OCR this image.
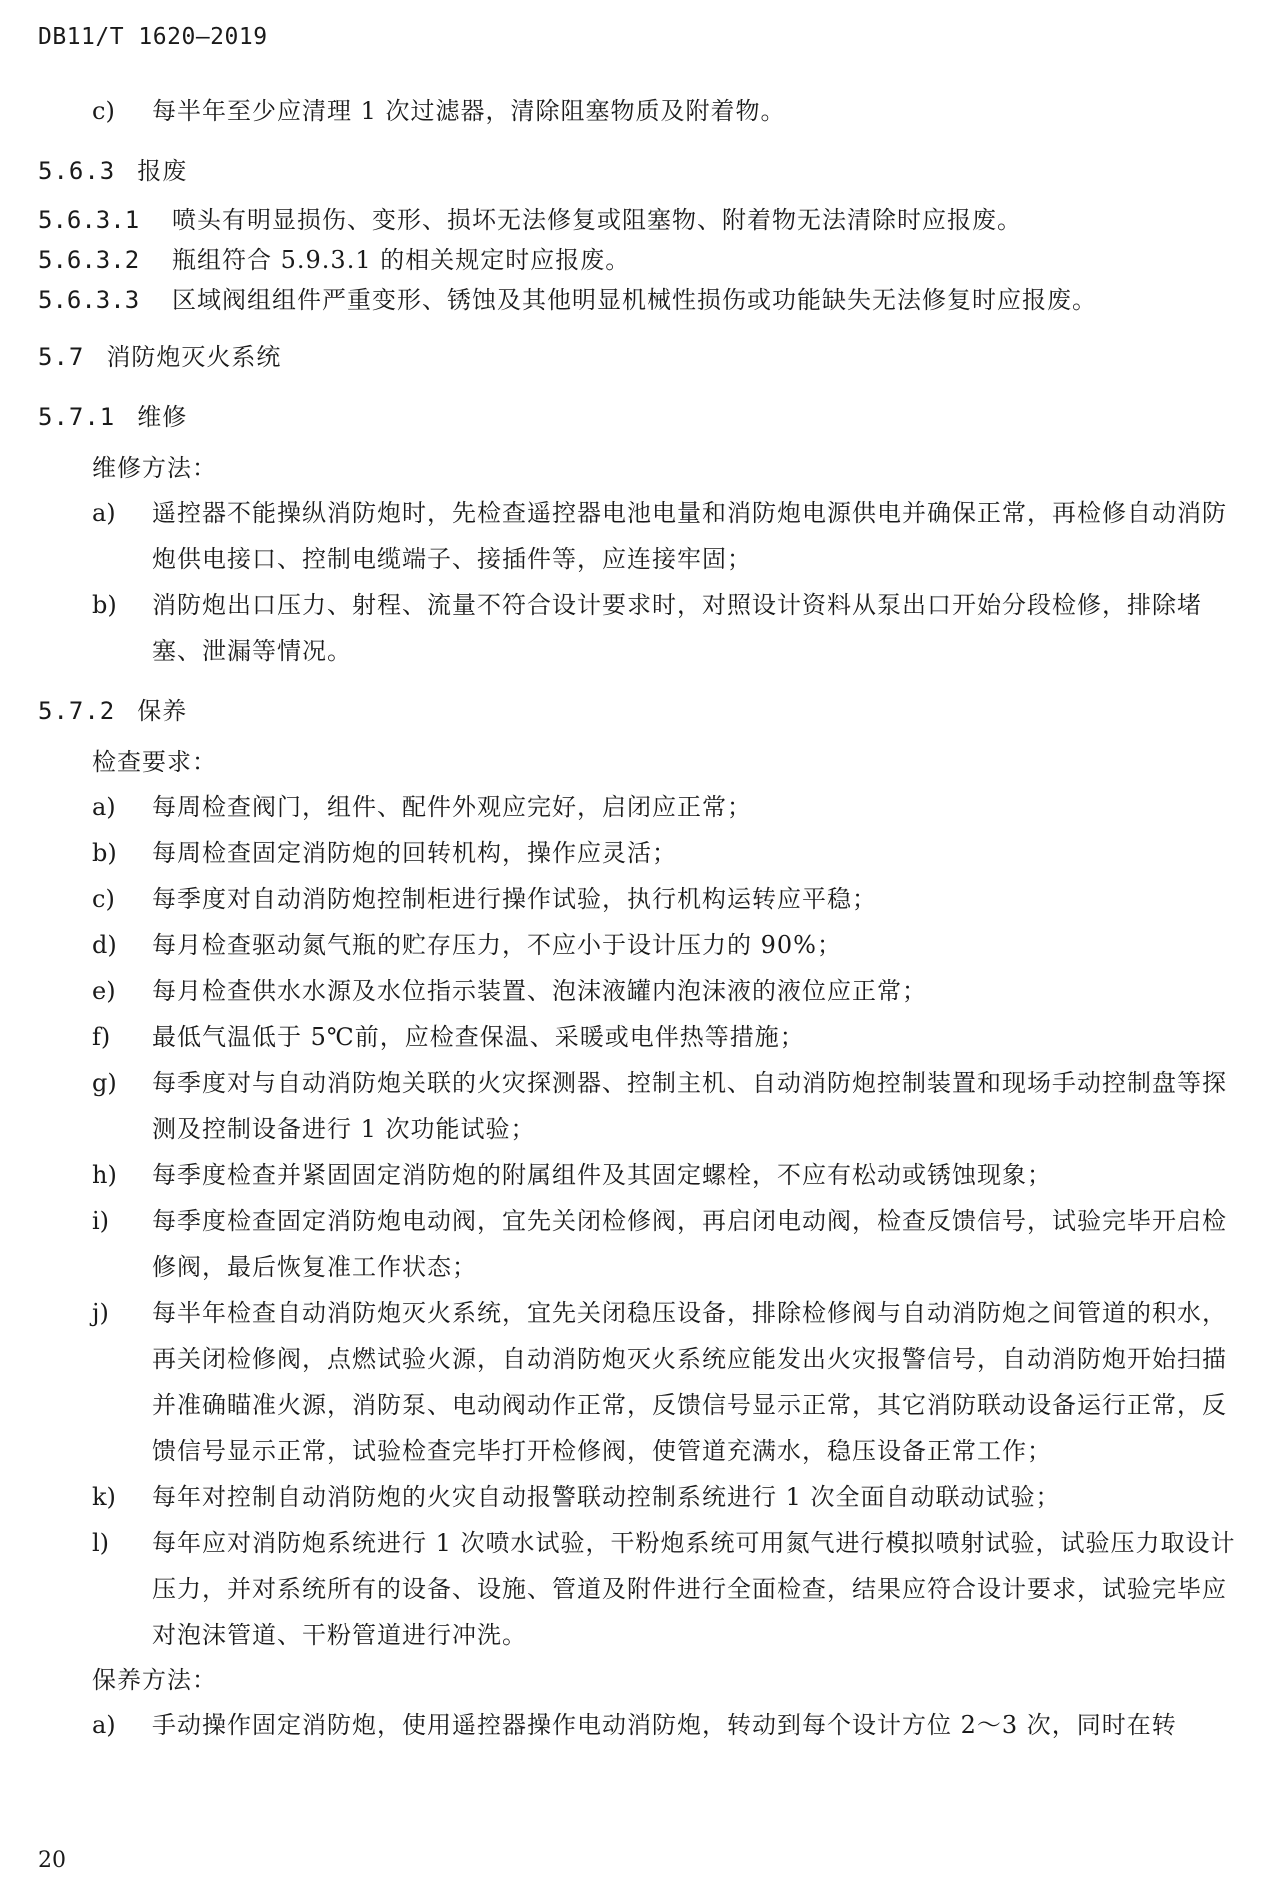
DB11/T 1620—2019
c)	每半年至少应清理 1 次过滤器，清除阻塞物质及附着物。
5.6.3 报废
5.6.3.1	喷头有明显损伤、变形、损坏无法修复或阻塞物、附着物无法清除时应报废。
5.6.3.2	瓶组符合 5.9.3.1 的相关规定时应报废。
5.6.3.3	区域阀组组件严重变形、锈蚀及其他明显机械性损伤或功能缺失无法修复时应报废。
5.7 消防炮灭火系统
5.7.1 维修
维修方法：
a)	遥控器不能操纵消防炮时，先检查遥控器电池电量和消防炮电源供电并确保正常，再检修自动消防炮供电接口、控制电缆端子、接插件等，应连接牢固；
b)	消防炮出口压力、射程、流量不符合设计要求时，对照设计资料从泵出口开始分段检修，排除堵塞、泄漏等情况。
5.7.2 保养
检查要求：
a)	每周检查阀门，组件、配件外观应完好，启闭应正常；
b)	每周检查固定消防炮的回转机构，操作应灵活；
c)	每季度对自动消防炮控制柜进行操作试验，执行机构运转应平稳；
d)	每月检查驱动氮气瓶的贮存压力，不应小于设计压力的 90%；
e)	每月检查供水水源及水位指示装置、泡沫液罐内泡沫液的液位应正常；
f)	最低气温低于 5℃前，应检查保温、采暖或电伴热等措施；
g)	每季度对与自动消防炮关联的火灾探测器、控制主机、自动消防炮控制装置和现场手动控制盘等探测及控制设备进行 1 次功能试验；
h)	每季度检查并紧固固定消防炮的附属组件及其固定螺栓，不应有松动或锈蚀现象；
i)	每季度检查固定消防炮电动阀，宜先关闭检修阀，再启闭电动阀，检查反馈信号，试验完毕开启检修阀，最后恢复准工作状态；
j)	每半年检查自动消防炮灭火系统，宜先关闭稳压设备，排除检修阀与自动消防炮之间管道的积水，再关闭检修阀，点燃试验火源，自动消防炮灭火系统应能发出火灾报警信号，自动消防炮开始扫描并准确瞄准火源，消防泵、电动阀动作正常，反馈信号显示正常，其它消防联动设备运行正常，反馈信号显示正常，试验检查完毕打开检修阀，使管道充满水，稳压设备正常工作；
k)	每年对控制自动消防炮的火灾自动报警联动控制系统进行 1 次全面自动联动试验；
l)	每年应对消防炮系统进行 1 次喷水试验，干粉炮系统可用氮气进行模拟喷射试验，试验压力取设计压力，并对系统所有的设备、设施、管道及附件进行全面检查，结果应符合设计要求，试验完毕应对泡沫管道、干粉管道进行冲洗。
保养方法：
a)	手动操作固定消防炮，使用遥控器操作电动消防炮，转动到每个设计方位 2～3 次，同时在转
20
